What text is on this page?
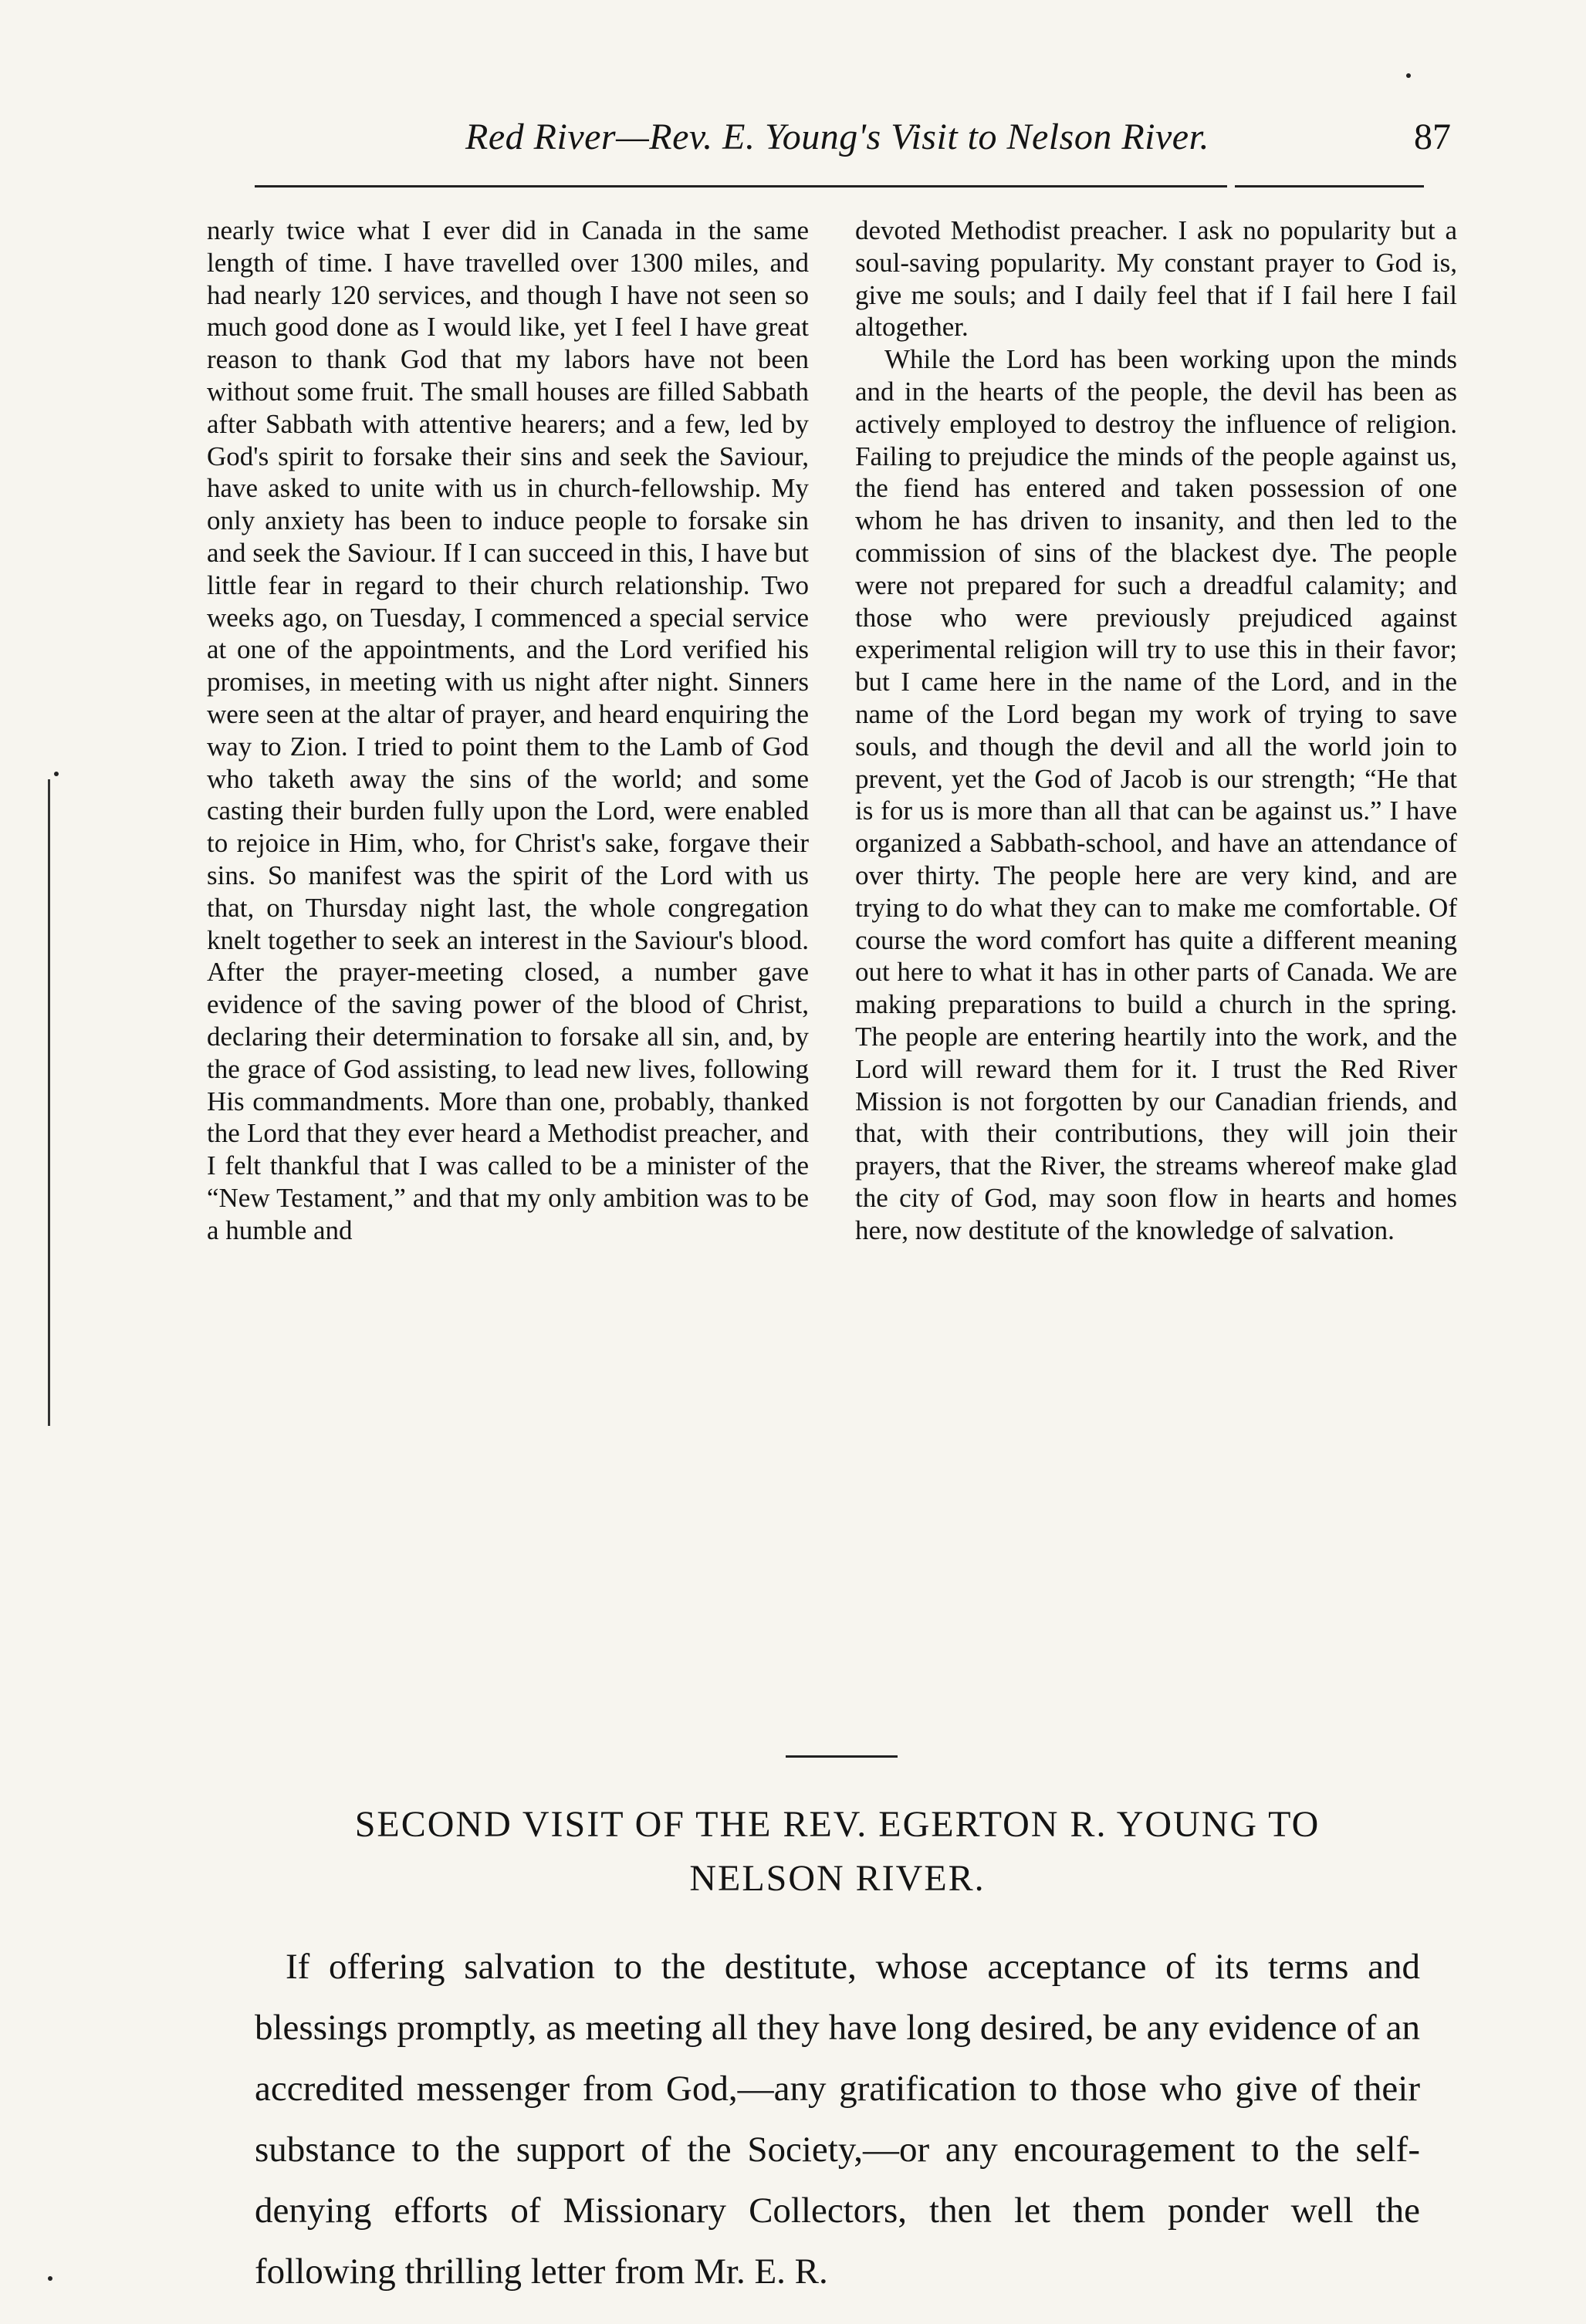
Red River—Rev. E. Young's Visit to Nelson River.	87

nearly twice what I ever did in Canada in the same length of time. I have travelled over 1300 miles, and had nearly 120 services, and though I have not seen so much good done as I would like, yet I feel I have great reason to thank God that my labors have not been without some fruit. The small houses are filled Sabbath after Sabbath with attentive hearers; and a few, led by God's spirit to forsake their sins and seek the Saviour, have asked to unite with us in church-fellowship. My only anxiety has been to induce people to forsake sin and seek the Saviour. If I can succeed in this, I have but little fear in regard to their church relationship. Two weeks ago, on Tuesday, I commenced a special service at one of the appointments, and the Lord verified his promises, in meeting with us night after night. Sinners were seen at the altar of prayer, and heard enquiring the way to Zion. I tried to point them to the Lamb of God who taketh away the sins of the world; and some casting their burden fully upon the Lord, were enabled to rejoice in Him, who, for Christ's sake, forgave their sins. So manifest was the spirit of the Lord with us that, on Thursday night last, the whole congregation knelt together to seek an interest in the Saviour's blood. After the prayer-meeting closed, a number gave evidence of the saving power of the blood of Christ, declaring their determination to forsake all sin, and, by the grace of God assisting, to lead new lives, following His commandments. More than one, probably, thanked the Lord that they ever heard a Methodist preacher, and I felt thankful that I was called to be a minister of the “New Testament,” and that my only ambition was to be a humble and

devoted Methodist preacher. I ask no popularity but a soul-saving popularity. My constant prayer to God is, give me souls; and I daily feel that if I fail here I fail altogether.

While the Lord has been working upon the minds and in the hearts of the people, the devil has been as actively employed to destroy the influence of religion. Failing to prejudice the minds of the people against us, the fiend has entered and taken possession of one whom he has driven to insanity, and then led to the commission of sins of the blackest dye. The people were not prepared for such a dreadful calamity; and those who were previously prejudiced against experimental religion will try to use this in their favor; but I came here in the name of the Lord, and in the name of the Lord began my work of trying to save souls, and though the devil and all the world join to prevent, yet the God of Jacob is our strength; “He that is for us is more than all that can be against us.” I have organized a Sabbath-school, and have an attendance of over thirty. The people here are very kind, and are trying to do what they can to make me comfortable. Of course the word comfort has quite a different meaning out here to what it has in other parts of Canada. We are making preparations to build a church in the spring. The people are entering heartily into the work, and the Lord will reward them for it. I trust the Red River Mission is not forgotten by our Canadian friends, and that, with their contributions, they will join their prayers, that the River, the streams whereof make glad the city of God, may soon flow in hearts and homes here, now destitute of the knowledge of salvation.

SECOND VISIT OF THE REV. EGERTON R. YOUNG TO
NELSON RIVER.

If offering salvation to the destitute, whose acceptance of its terms and blessings promptly, as meeting all they have long desired, be any evidence of an accredited messenger from God,—any gratification to those who give of their substance to the support of the Society,—or any encouragement to the self-denying efforts of Missionary Collectors, then let them ponder well the following thrilling letter from Mr. E. R.
